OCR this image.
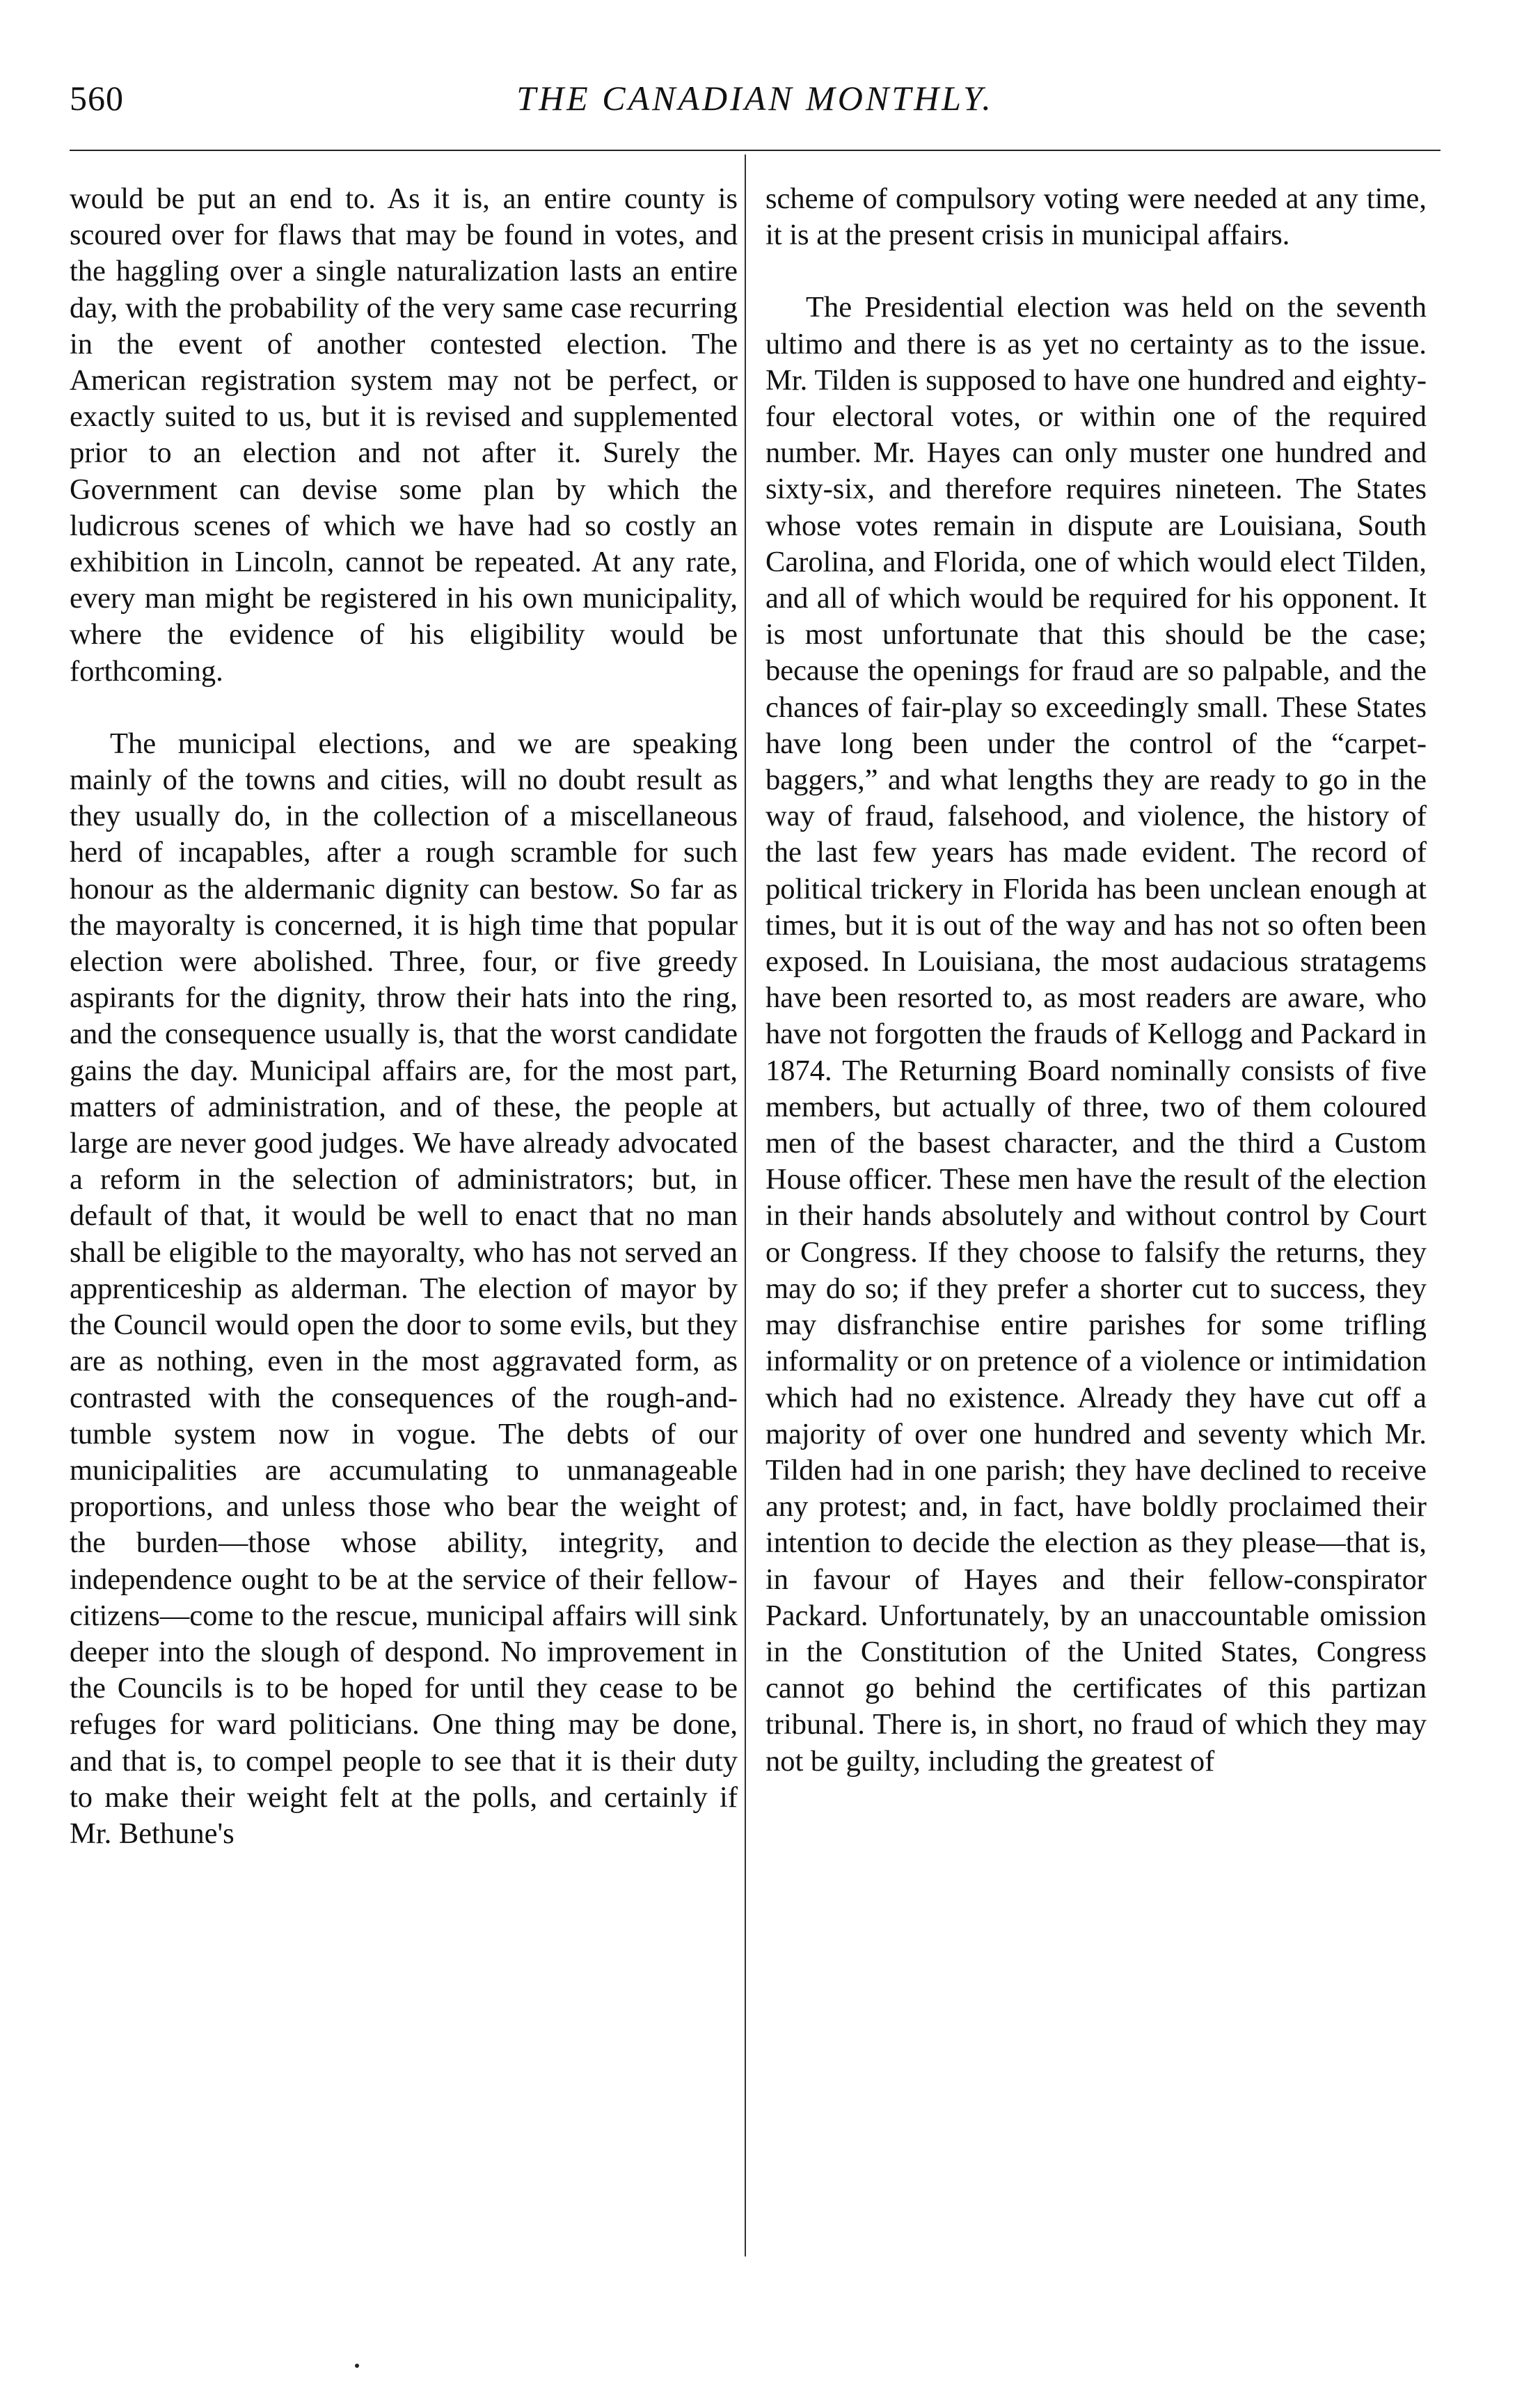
560	THE CANADIAN MONTHLY.

would be put an end to. As it is, an entire county is scoured over for flaws that may be found in votes, and the haggling over a single naturalization lasts an entire day, with the probability of the very same case recurring in the event of another contested election. The American registration system may not be perfect, or exactly suited to us, but it is revised and supplemented prior to an election and not after it. Surely the Government can devise some plan by which the ludicrous scenes of which we have had so costly an exhibition in Lincoln, cannot be repeated. At any rate, every man might be registered in his own municipality, where the evidence of his eligibility would be forthcoming.

The municipal elections, and we are speaking mainly of the towns and cities, will no doubt result as they usually do, in the collection of a miscellaneous herd of incapables, after a rough scramble for such honour as the aldermanic dignity can bestow. So far as the mayoralty is concerned, it is high time that popular election were abolished. Three, four, or five greedy aspirants for the dignity, throw their hats into the ring, and the consequence usually is, that the worst candidate gains the day. Municipal affairs are, for the most part, matters of administration, and of these, the people at large are never good judges. We have already advocated a reform in the selection of administrators; but, in default of that, it would be well to enact that no man shall be eligible to the mayoralty, who has not served an apprenticeship as alderman. The election of mayor by the Council would open the door to some evils, but they are as nothing, even in the most aggravated form, as contrasted with the consequences of the rough-and-tumble system now in vogue. The debts of our municipalities are accumulating to unmanageable proportions, and unless those who bear the weight of the burden—those whose ability, integrity, and independence ought to be at the service of their fellow-citizens—come to the rescue, municipal affairs will sink deeper into the slough of despond. No improvement in the Councils is to be hoped for until they cease to be refuges for ward politicians. One thing may be done, and that is, to compel people to see that it is their duty to make their weight felt at the polls, and certainly if Mr. Bethune's

scheme of compulsory voting were needed at any time, it is at the present crisis in municipal affairs.

The Presidential election was held on the seventh ultimo and there is as yet no certainty as to the issue. Mr. Tilden is supposed to have one hundred and eighty-four electoral votes, or within one of the required number. Mr. Hayes can only muster one hundred and sixty-six, and therefore requires nineteen. The States whose votes remain in dispute are Louisiana, South Carolina, and Florida, one of which would elect Tilden, and all of which would be required for his opponent. It is most unfortunate that this should be the case; because the openings for fraud are so palpable, and the chances of fair-play so exceedingly small. These States have long been under the control of the “carpet-baggers,” and what lengths they are ready to go in the way of fraud, falsehood, and violence, the history of the last few years has made evident. The record of political trickery in Florida has been unclean enough at times, but it is out of the way and has not so often been exposed. In Louisiana, the most audacious stratagems have been resorted to, as most readers are aware, who have not forgotten the frauds of Kellogg and Packard in 1874. The Returning Board nominally consists of five members, but actually of three, two of them coloured men of the basest character, and the third a Custom House officer. These men have the result of the election in their hands absolutely and without control by Court or Congress. If they choose to falsify the returns, they may do so; if they prefer a shorter cut to success, they may disfranchise entire parishes for some trifling informality or on pretence of a violence or intimidation which had no existence. Already they have cut off a majority of over one hundred and seventy which Mr. Tilden had in one parish; they have declined to receive any protest; and, in fact, have boldly proclaimed their intention to decide the election as they please—that is, in favour of Hayes and their fellow-conspirator Packard. Unfortunately, by an unaccountable omission in the Constitution of the United States, Congress cannot go behind the certificates of this partizan tribunal. There is, in short, no fraud of which they may not be guilty, including the greatest of
